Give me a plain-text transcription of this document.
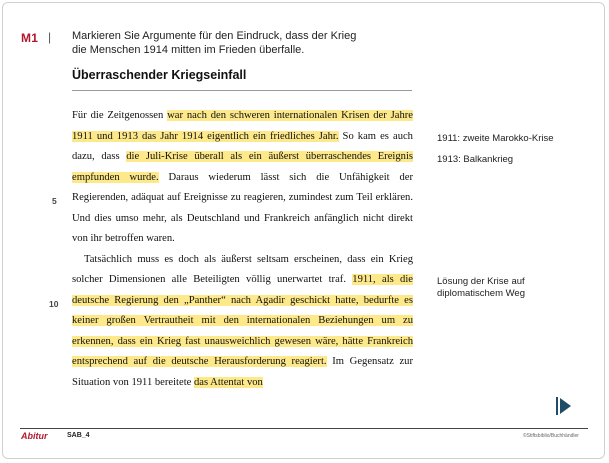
M1 | Markieren Sie Argumente für den Eindruck, dass der Krieg
die Menschen 1914 mitten im Frieden überfalle.
Überraschender Kriegseinfall

Für die Zeitgenossen war nach den schweren internationalen Krisen der Jahre 1911 und 1913 das Jahr 1914 eigentlich ein friedliches Jahr. So kam es auch dazu, dass die Juli-Krise überall als ein äußerst überraschendes Ereignis empfunden wurde. Daraus wiederum lässt sich die Unfähigkeit der Regierenden, adäquat auf Ereignisse zu reagieren, zumindest zum Teil erklären. Und dies umso mehr, als Deutschland und Frankreich anfänglich nicht direkt von ihr betroffen waren.

Tatsächlich muss es doch als äußerst seltsam erscheinen, dass ein Krieg solcher Dimensionen alle Beteiligten völlig unerwartet traf. 1911, als die deutsche Regierung den „Panther“ nach Agadir geschickt hatte, bedurfte es keiner großen Vertrautheit mit den internationalen Beziehungen um zu erkennen, dass ein Krieg fast unausweichlich gewesen wäre, hätte Frankreich entsprechend auf die deutsche Herausforderung reagiert. Im Gegensatz zur Situation von 1911 bereitete das Attentat von

5
10
1911: zweite Marokko-Krise
1913: Balkankrieg
Lösung der Krise auf
diplomatischem Weg
Abitur	SAB_4	©Stiftsbiblio/Buchhändler
